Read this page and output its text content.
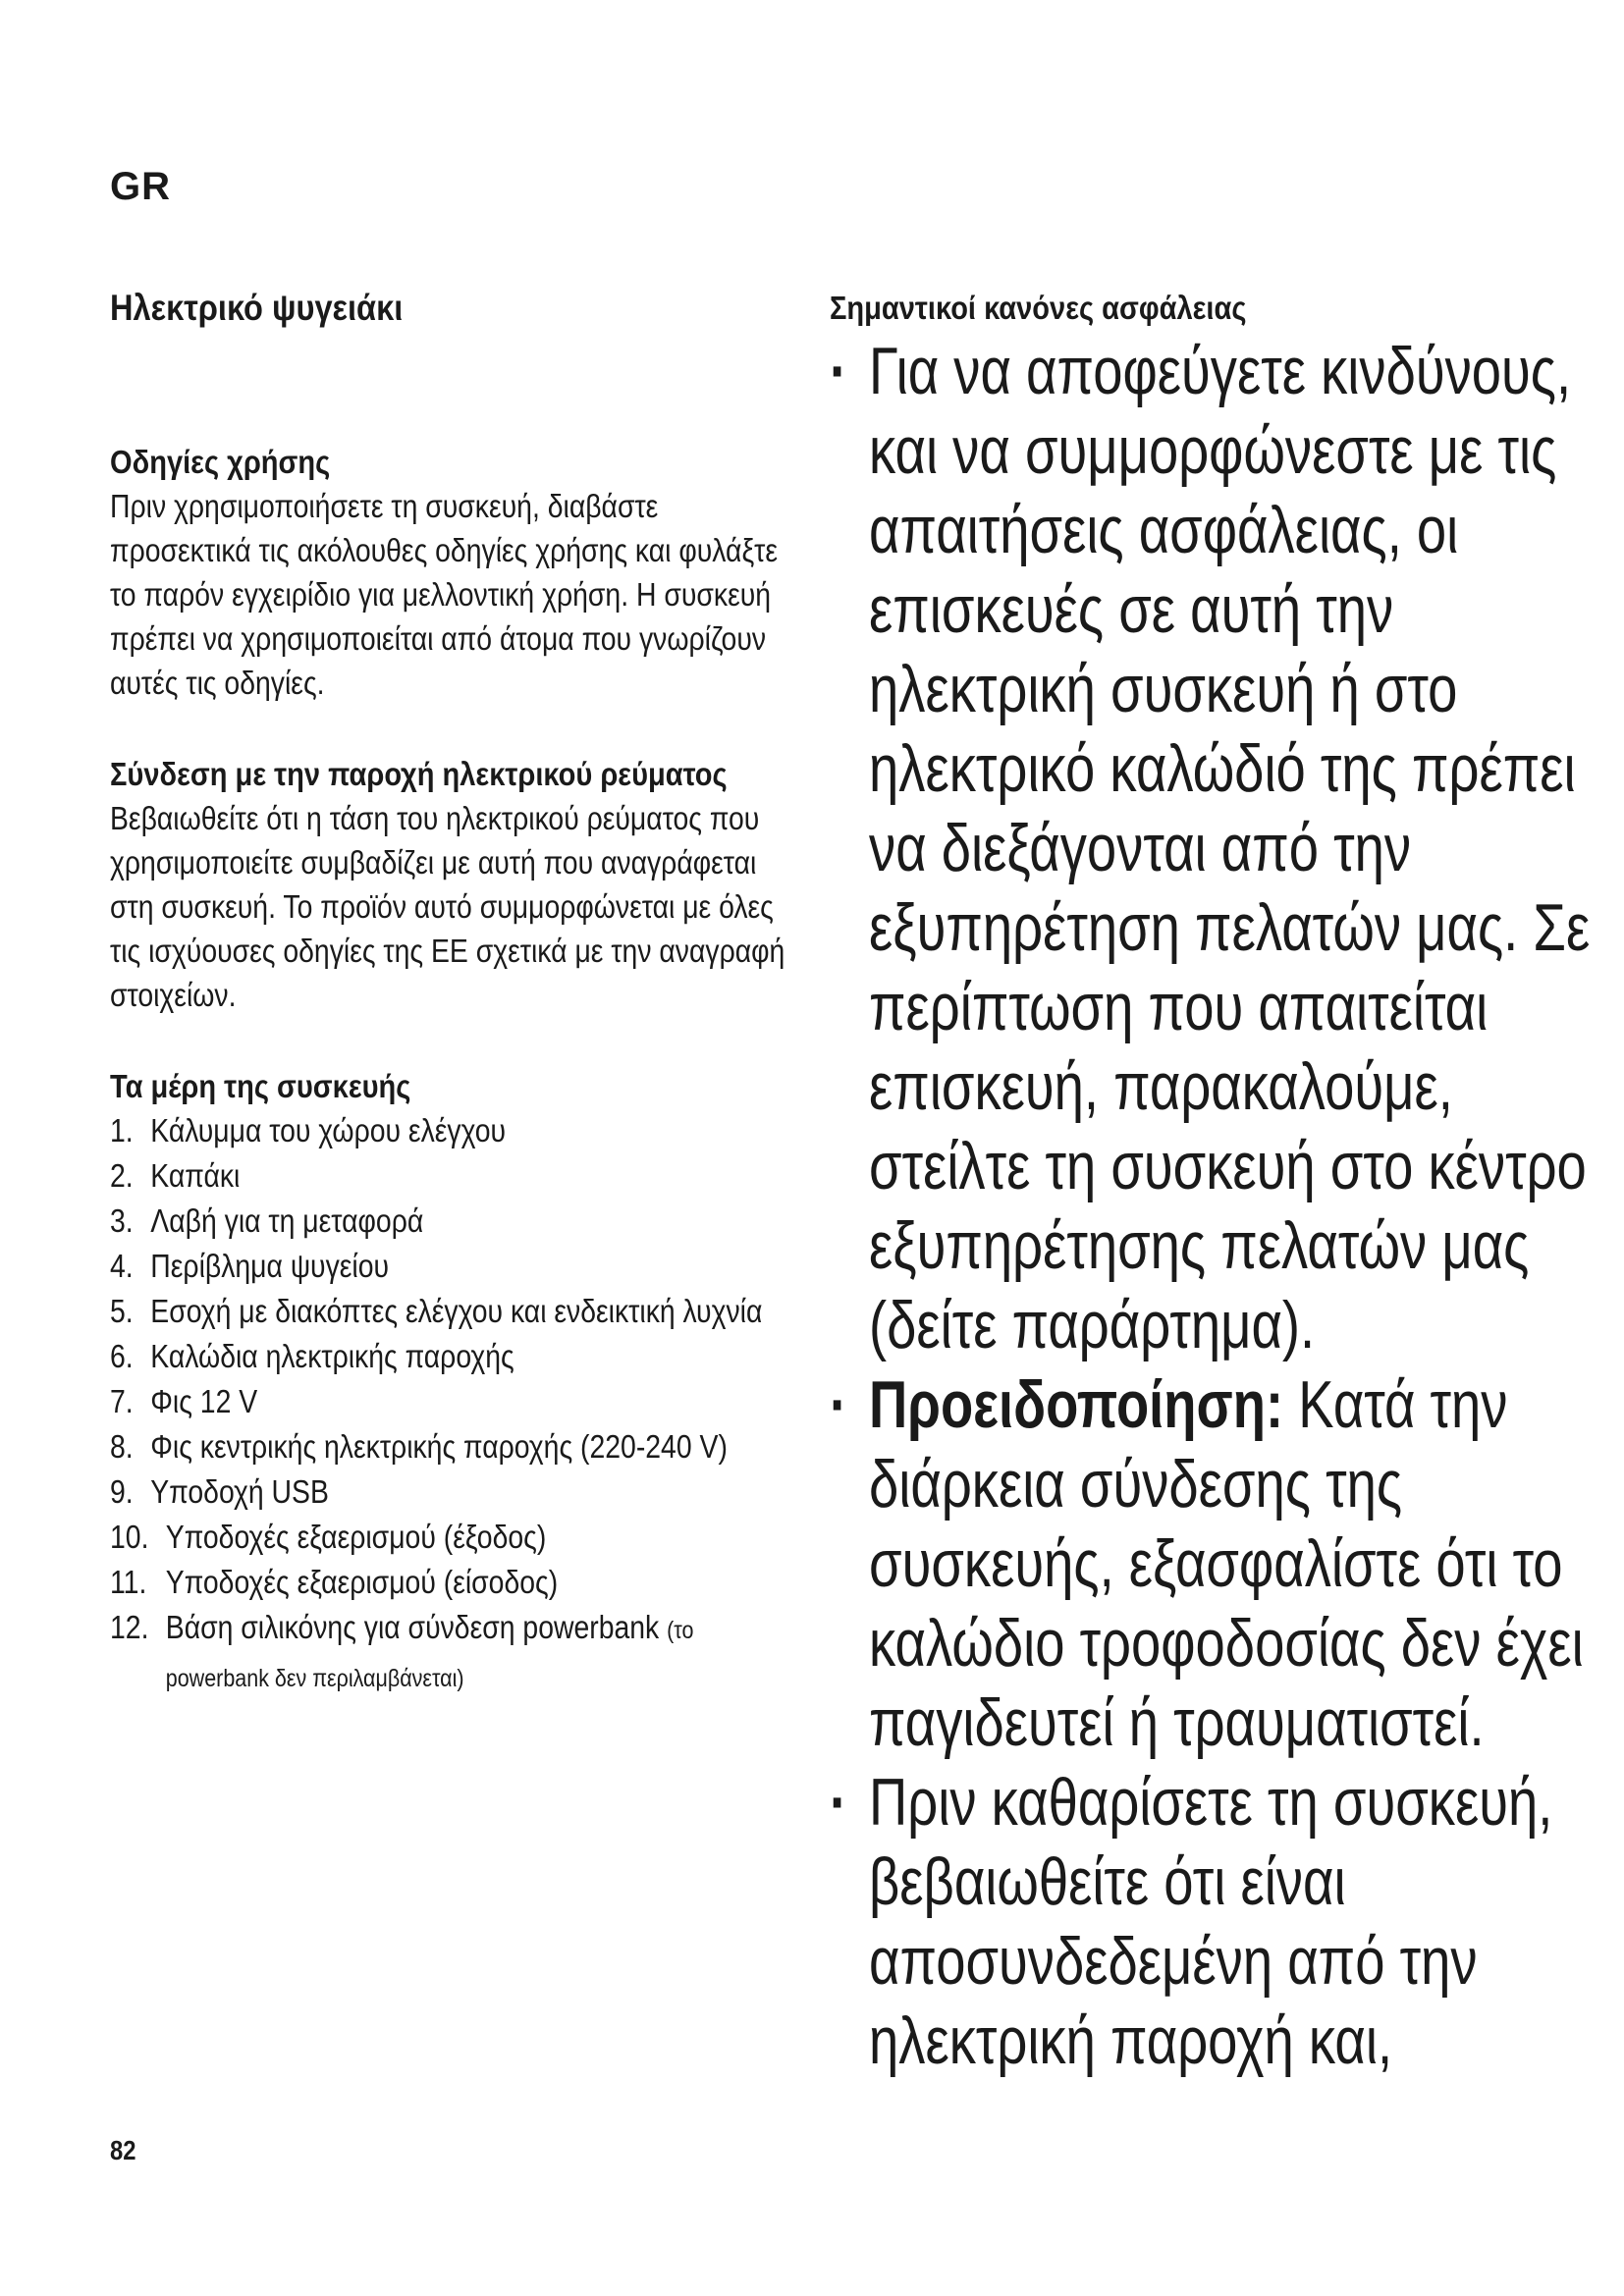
GR
Ηλεκτρικό ψυγειάκι
Οδηγίες χρήσης

Πριν χρησιμοποιήσετε τη συσκευή, διαβάστε προσεκτικά τις ακόλουθες οδηγίες χρήσης και φυλάξτε το παρόν εγχειρίδιο για μελλοντική χρήση. Η συσκευή πρέπει να χρησιμοποιείται από άτομα που γνωρίζουν αυτές τις οδηγίες.

Σύνδεση με την παροχή ηλεκτρικού ρεύματος

Βεβαιωθείτε ότι η τάση του ηλεκτρικού ρεύματος που χρησιμοποιείτε συμβαδίζει με αυτή που αναγράφεται στη συσκευή. Το προϊόν αυτό συμμορφώνεται με όλες τις ισχύουσες οδηγίες της ΕΕ σχετικά με την αναγραφή στοιχείων.

Τα μέρη της συσκευής
1. Κάλυμμα του χώρου ελέγχου
2. Καπάκι
3. Λαβή για τη μεταφορά
4. Περίβλημα ψυγείου
5. Εσοχή με διακόπτες ελέγχου και ενδεικτική λυχνία
6. Καλώδια ηλεκτρικής παροχής
7. Φις 12 V
8. Φις κεντρικής ηλεκτρικής παροχής (220-240 V)
9. Υποδοχή USB
10. Υποδοχές εξαερισμού (έξοδος)
11. Υποδοχές εξαερισμού (είσοδος)
12. Βάση σιλικόνης για σύνδεση powerbank (το powerbank δεν περιλαμβάνεται)
Σημαντικοί κανόνες ασφάλειας
· Για να αποφεύγετε κινδύνους, και να συμμορφώνεστε με τις απαιτήσεις ασφάλειας, οι επισκευές σε αυτή την ηλεκτρική συσκευή ή στο ηλεκτρικό καλώδιό της πρέπει να διεξάγονται από την εξυπηρέτηση πελατών μας. Σε περίπτωση που απαιτείται επισκευή, παρακαλούμε, στείλτε τη συσκευή στο κέντρο εξυπηρέτησης πελατών μας (δείτε παράρτημα).
· Προειδοποίηση: Κατά την διάρκεια σύνδεσης της συσκευής, εξασφαλίστε ότι το καλώδιο τροφοδοσίας δεν έχει παγιδευτεί ή τραυματιστεί.
· Πριν καθαρίσετε τη συσκευή, βεβαιωθείτε ότι είναι αποσυνδεδεμένη από την ηλεκτρική παροχή και,
82
